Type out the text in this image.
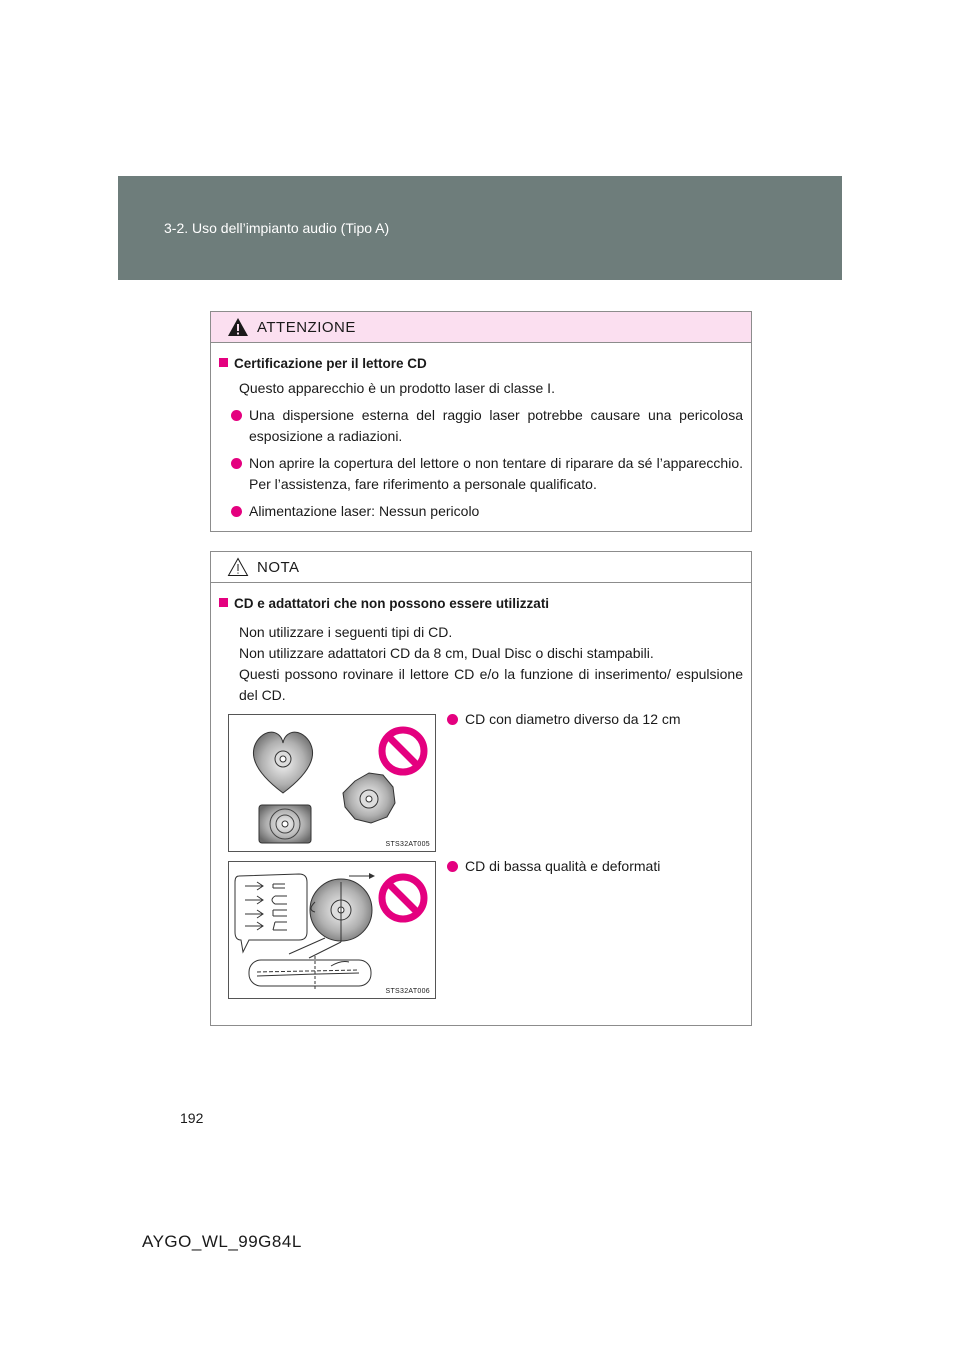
3-2. Uso dell’impianto audio (Tipo A)
ATTENZIONE
Certificazione per il lettore CD
Questo apparecchio è un prodotto laser di classe I.
Una dispersione esterna del raggio laser potrebbe causare una pericolosa esposizione a radiazioni.
Non aprire la copertura del lettore o non tentare di riparare da sé l’apparecchio. Per l’assistenza, fare riferimento a personale qualificato.
Alimentazione laser: Nessun pericolo
NOTA
CD e adattatori che non possono essere utilizzati
Non utilizzare i seguenti tipi di CD.
Non utilizzare adattatori CD da 8 cm, Dual Disc o dischi stampabili.
Questi possono rovinare il lettore CD e/o la funzione di inserimento/ espulsione del CD.
STS32AT005
CD con diametro diverso da 12 cm
STS32AT006
CD di bassa qualità e deformati
192
AYGO_WL_99G84L
